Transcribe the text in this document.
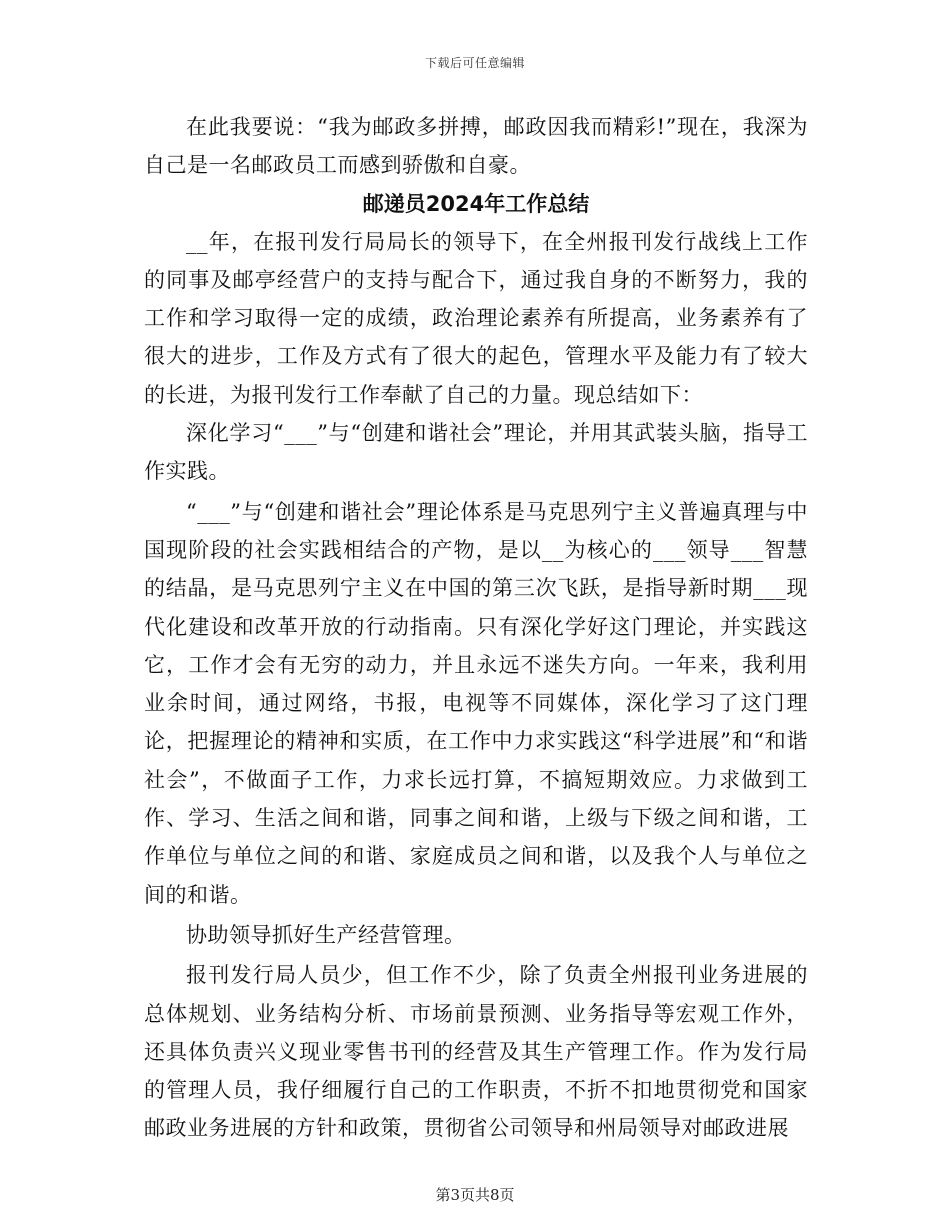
下载后可任意编辑

在此我要说：“我为邮政多拼搏，邮政因我而精彩!”现在，我深为自己是一名邮政员工而感到骄傲和自豪。

邮递员2024年工作总结

__年，在报刊发行局局长的领导下，在全州报刊发行战线上工作的同事及邮亭经营户的支持与配合下，通过我自身的不断努力，我的工作和学习取得一定的成绩，政治理论素养有所提高，业务素养有了很大的进步，工作及方式有了很大的起色，管理水平及能力有了较大的长进，为报刊发行工作奉献了自己的力量。现总结如下：

深化学习“___”与“创建和谐社会”理论，并用其武装头脑，指导工作实践。

“___”与“创建和谐社会”理论体系是马克思列宁主义普遍真理与中国现阶段的社会实践相结合的产物，是以__为核心的___领导___智慧的结晶，是马克思列宁主义在中国的第三次飞跃，是指导新时期___现代化建设和改革开放的行动指南。只有深化学好这门理论，并实践这它，工作才会有无穷的动力，并且永远不迷失方向。一年来，我利用业余时间，通过网络，书报，电视等不同媒体，深化学习了这门理论，把握理论的精神和实质，在工作中力求实践这“科学进展”和“和谐社会”，不做面子工作，力求长远打算，不搞短期效应。力求做到工作、学习、生活之间和谐，同事之间和谐，上级与下级之间和谐，工作单位与单位之间的和谐、家庭成员之间和谐，以及我个人与单位之间的和谐。

协助领导抓好生产经营管理。

报刊发行局人员少，但工作不少，除了负责全州报刊业务进展的总体规划、业务结构分析、市场前景预测、业务指导等宏观工作外，还具体负责兴义现业零售书刊的经营及其生产管理工作。作为发行局的管理人员，我仔细履行自己的工作职责，不折不扣地贯彻党和国家邮政业务进展的方针和政策，贯彻省公司领导和州局领导对邮政进展

第3页共8页
